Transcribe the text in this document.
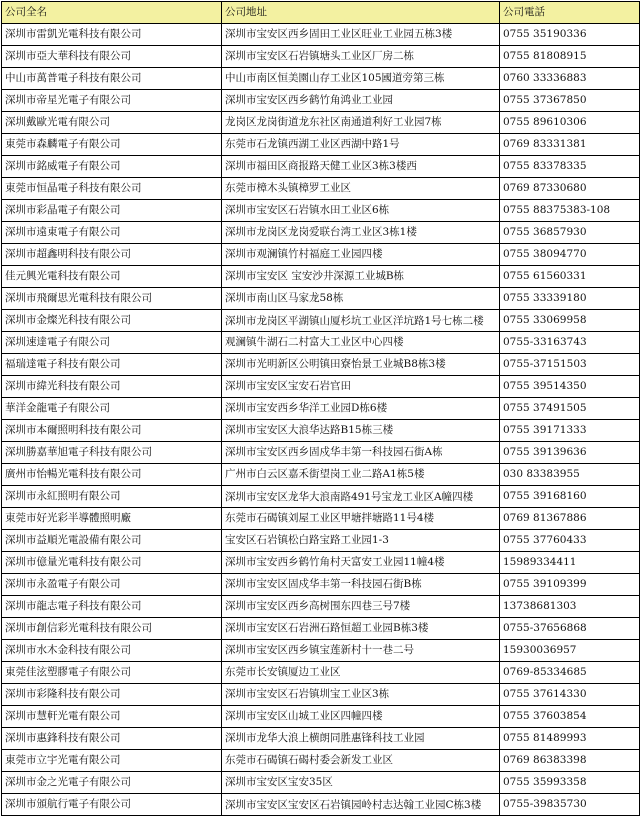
公司全名	公司地址	公司電話
深圳市雷凱光電科技有限公司	深圳市宝安区西乡固田工业区旺业工业园五栋3楼	0755 35190336
深圳市亞大華科技有限公司	深圳市宝安区石岩镇塘头工业区厂房二栋	0755 81808915
中山市萬普電子科技有限公司	中山市南区恒美園山存工业区105國道旁第三栋	0760 33336883
深圳市帝星光電子有限公司	深圳市宝安区西乡鹤竹角鸿业工业园	0755 37367850
深圳戴歐光電有限公司	龙岗区龙岗街道龙东社区南通道利好工业园7栋	0755 89610306
東莞市森麟電子有限公司	东莞市石龙镇西湖工业区西湖中路1号	0769 83331381
深圳市銘威電子有限公司	深圳市福田区商报路天健工业区3栋3楼西	0755 83378335
東莞市恒晶電子科技有限公司	东莞市樟木头镇樟罗工业区	0769 87330680
深圳市彩晶電子有限公司	深圳市宝安区石岩镇水田工业区6栋	0755 88375383-108
深圳市遠東電子有限公司	深圳市龙岗区龙岗爱联台湾工业区3栋1楼	0755 36857930
深圳市超鑫明科技有限公司	深圳市观澜镇竹村福庭工业园四楼	0755 38094770
佳元興光電科技有限公司	深圳市宝安区 宝安沙井深源工业城B栋	0755 61560331
深圳市飛爾思光電科技有限公司	深圳市南山区马家龙58栋	0755 33339180
深圳市金燦光科技有限公司	深圳市龙岗区平湖镇山厦杉坑工业区洋坑路1号七栋二楼	0755 33069958
深圳速達電子有限公司	观澜镇牛湖石二村富大工业区中心四楼	0755-33163743
福瑞達電子科技有限公司	深圳市光明新区公明镇田寮怡景工业城B8栋3楼	0755-37151503
深圳市緯光科技有限公司	深圳市宝安区宝安石岩官田	0755 39514350
華洋金龍電子有限公司	深圳市宝安西乡华洋工业园D栋6楼	0755 37491505
深圳市本爾照明科技有限公司	深圳市宝安区大浪华达路B15栋三楼	0755 39171333
深圳勝嘉華旭電子科技有限公司	深圳市宝安区西乡固戍华丰第一科技园石街A栋	0755 39139636
廣州市怡暢光電科技有限公司	广州市白云区嘉禾街望岗工业二路A1栋5楼	030 83383955
深圳市永紅照明有限公司	深圳市宝安区龙华大浪南路491号宝龙工业区A幢四楼	0755 39168160
東莞市好光彩半導體照明廠	东莞市石碣镇刘屋工业区甲塘拌塘路11号4楼	0769 81367886
深圳市益順光電設備有限公司	宝安区石岩镇松白路宝路工业园1-3	0755 37760433
深圳市億量光電科技有限公司	深圳市宝安西乡鹤竹角村天富安工业园11幢4楼	15989334411
深圳市永盈電子有限公司	深圳市宝安区固戍华丰第一科技园石街B栋	0755 39109399
深圳市龍志電子科技有限公司	深圳市宝安区西乡高树围东四巷三号7楼	13738681303
深圳市創信彩光電科技有限公司	深圳市宝安区石岩洲石路恒超工业园B栋3楼	0755-37656868
深圳市水木金科技有限公司	深圳市宝安区西乡镇宝莲新村十一巷二号	15930036957
東莞佳泫塑膠電子有限公司	东莞市长安镇厦边工业区	0769-85334685
深圳市彩隆科技有限公司	深圳市宝安区石岩镇圳宝工业区3栋	0755 37614330
深圳市慧軒光電有限公司	深圳市宝安区山城工业区四幢四楼	0755 37603854
深圳市惠鋒科技有限公司	深圳市龙华大浪上横朗同胜惠锋科技工业园	0755 81489993
東莞市立宇光電有限公司	东莞市石碣镇石碣村委会新发工业区	0769 86383398
深圳市金之光電子有限公司	深圳市宝安区宝安35区	0755 35993358
深圳市頒航行電子有限公司	深圳市宝安区宝安区石岩镇园岭村志达翰工业园C栋3楼	0755-39835730
